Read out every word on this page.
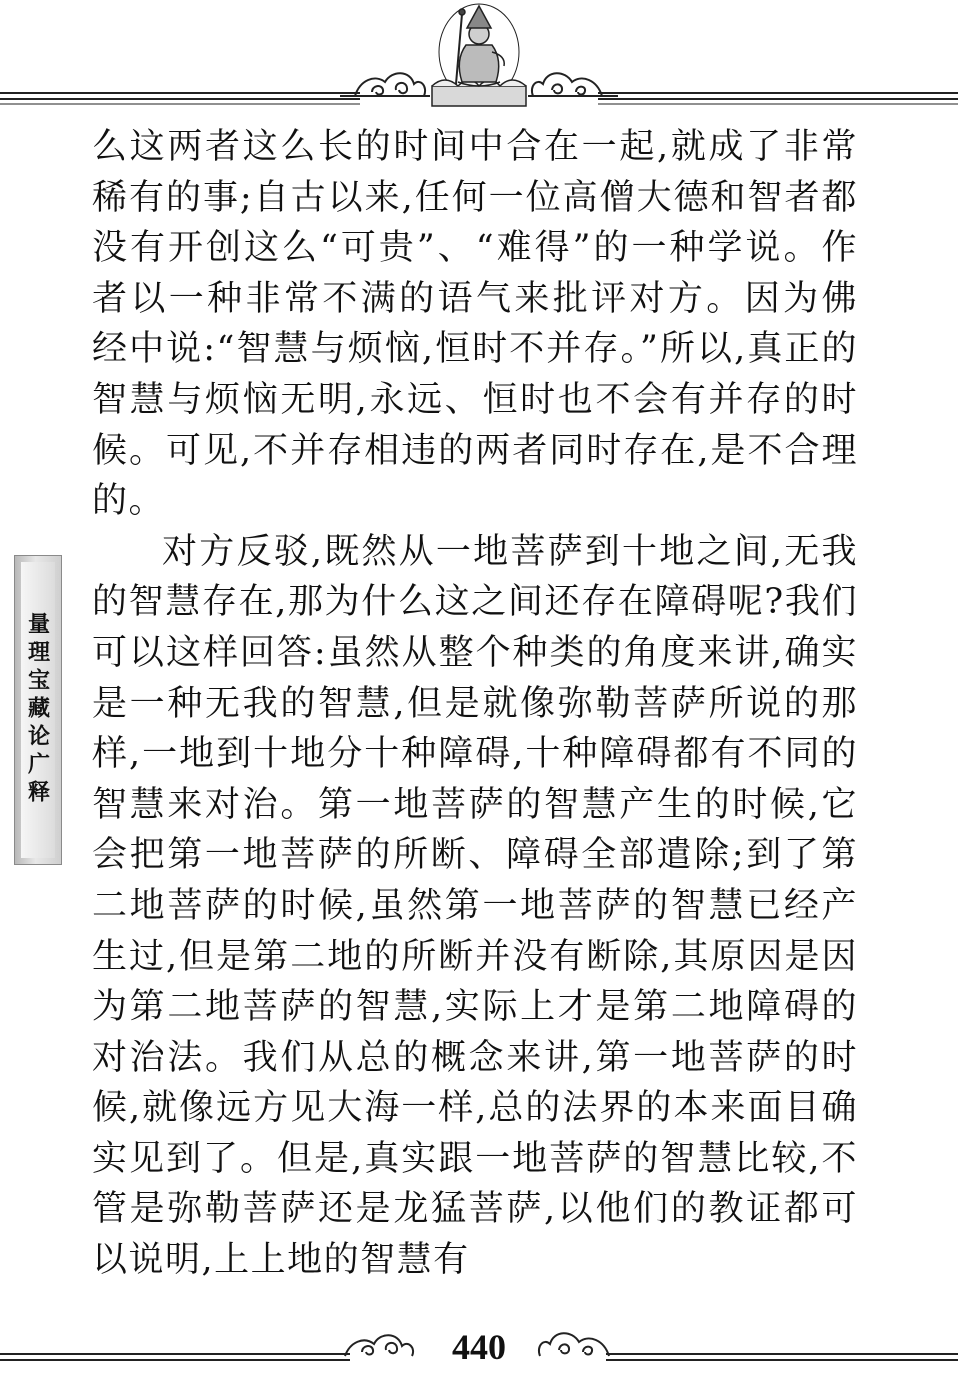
么这两者这么长的时间中合在一起,就成了非常稀有的事;自古以来,任何一位高僧大德和智者都没有开创这么“可贵”、“难得”的一种学说。作者以一种非常不满的语气来批评对方。因为佛经中说:“智慧与烦恼,恒时不并存。”所以,真正的智慧与烦恼无明,永远、恒时也不会有并存的时候。可见,不并存相违的两者同时存在,是不合理的。

对方反驳,既然从一地菩萨到十地之间,无我的智慧存在,那为什么这之间还存在障碍呢?我们可以这样回答:虽然从整个种类的角度来讲,确实是一种无我的智慧,但是就像弥勒菩萨所说的那样,一地到十地分十种障碍,十种障碍都有不同的智慧来对治。第一地菩萨的智慧产生的时候,它会把第一地菩萨的所断、障碍全部遣除;到了第二地菩萨的时候,虽然第一地菩萨的智慧已经产生过,但是第二地的所断并没有断除,其原因是因为第二地菩萨的智慧,实际上才是第二地障碍的对治法。我们从总的概念来讲,第一地菩萨的时候,就像远方见大海一样,总的法界的本来面目确实见到了。但是,真实跟一地菩萨的智慧比较,不管是弥勒菩萨还是龙猛菩萨,以他们的教证都可以说明,上上地的智慧有

量理宝藏论广释
440
